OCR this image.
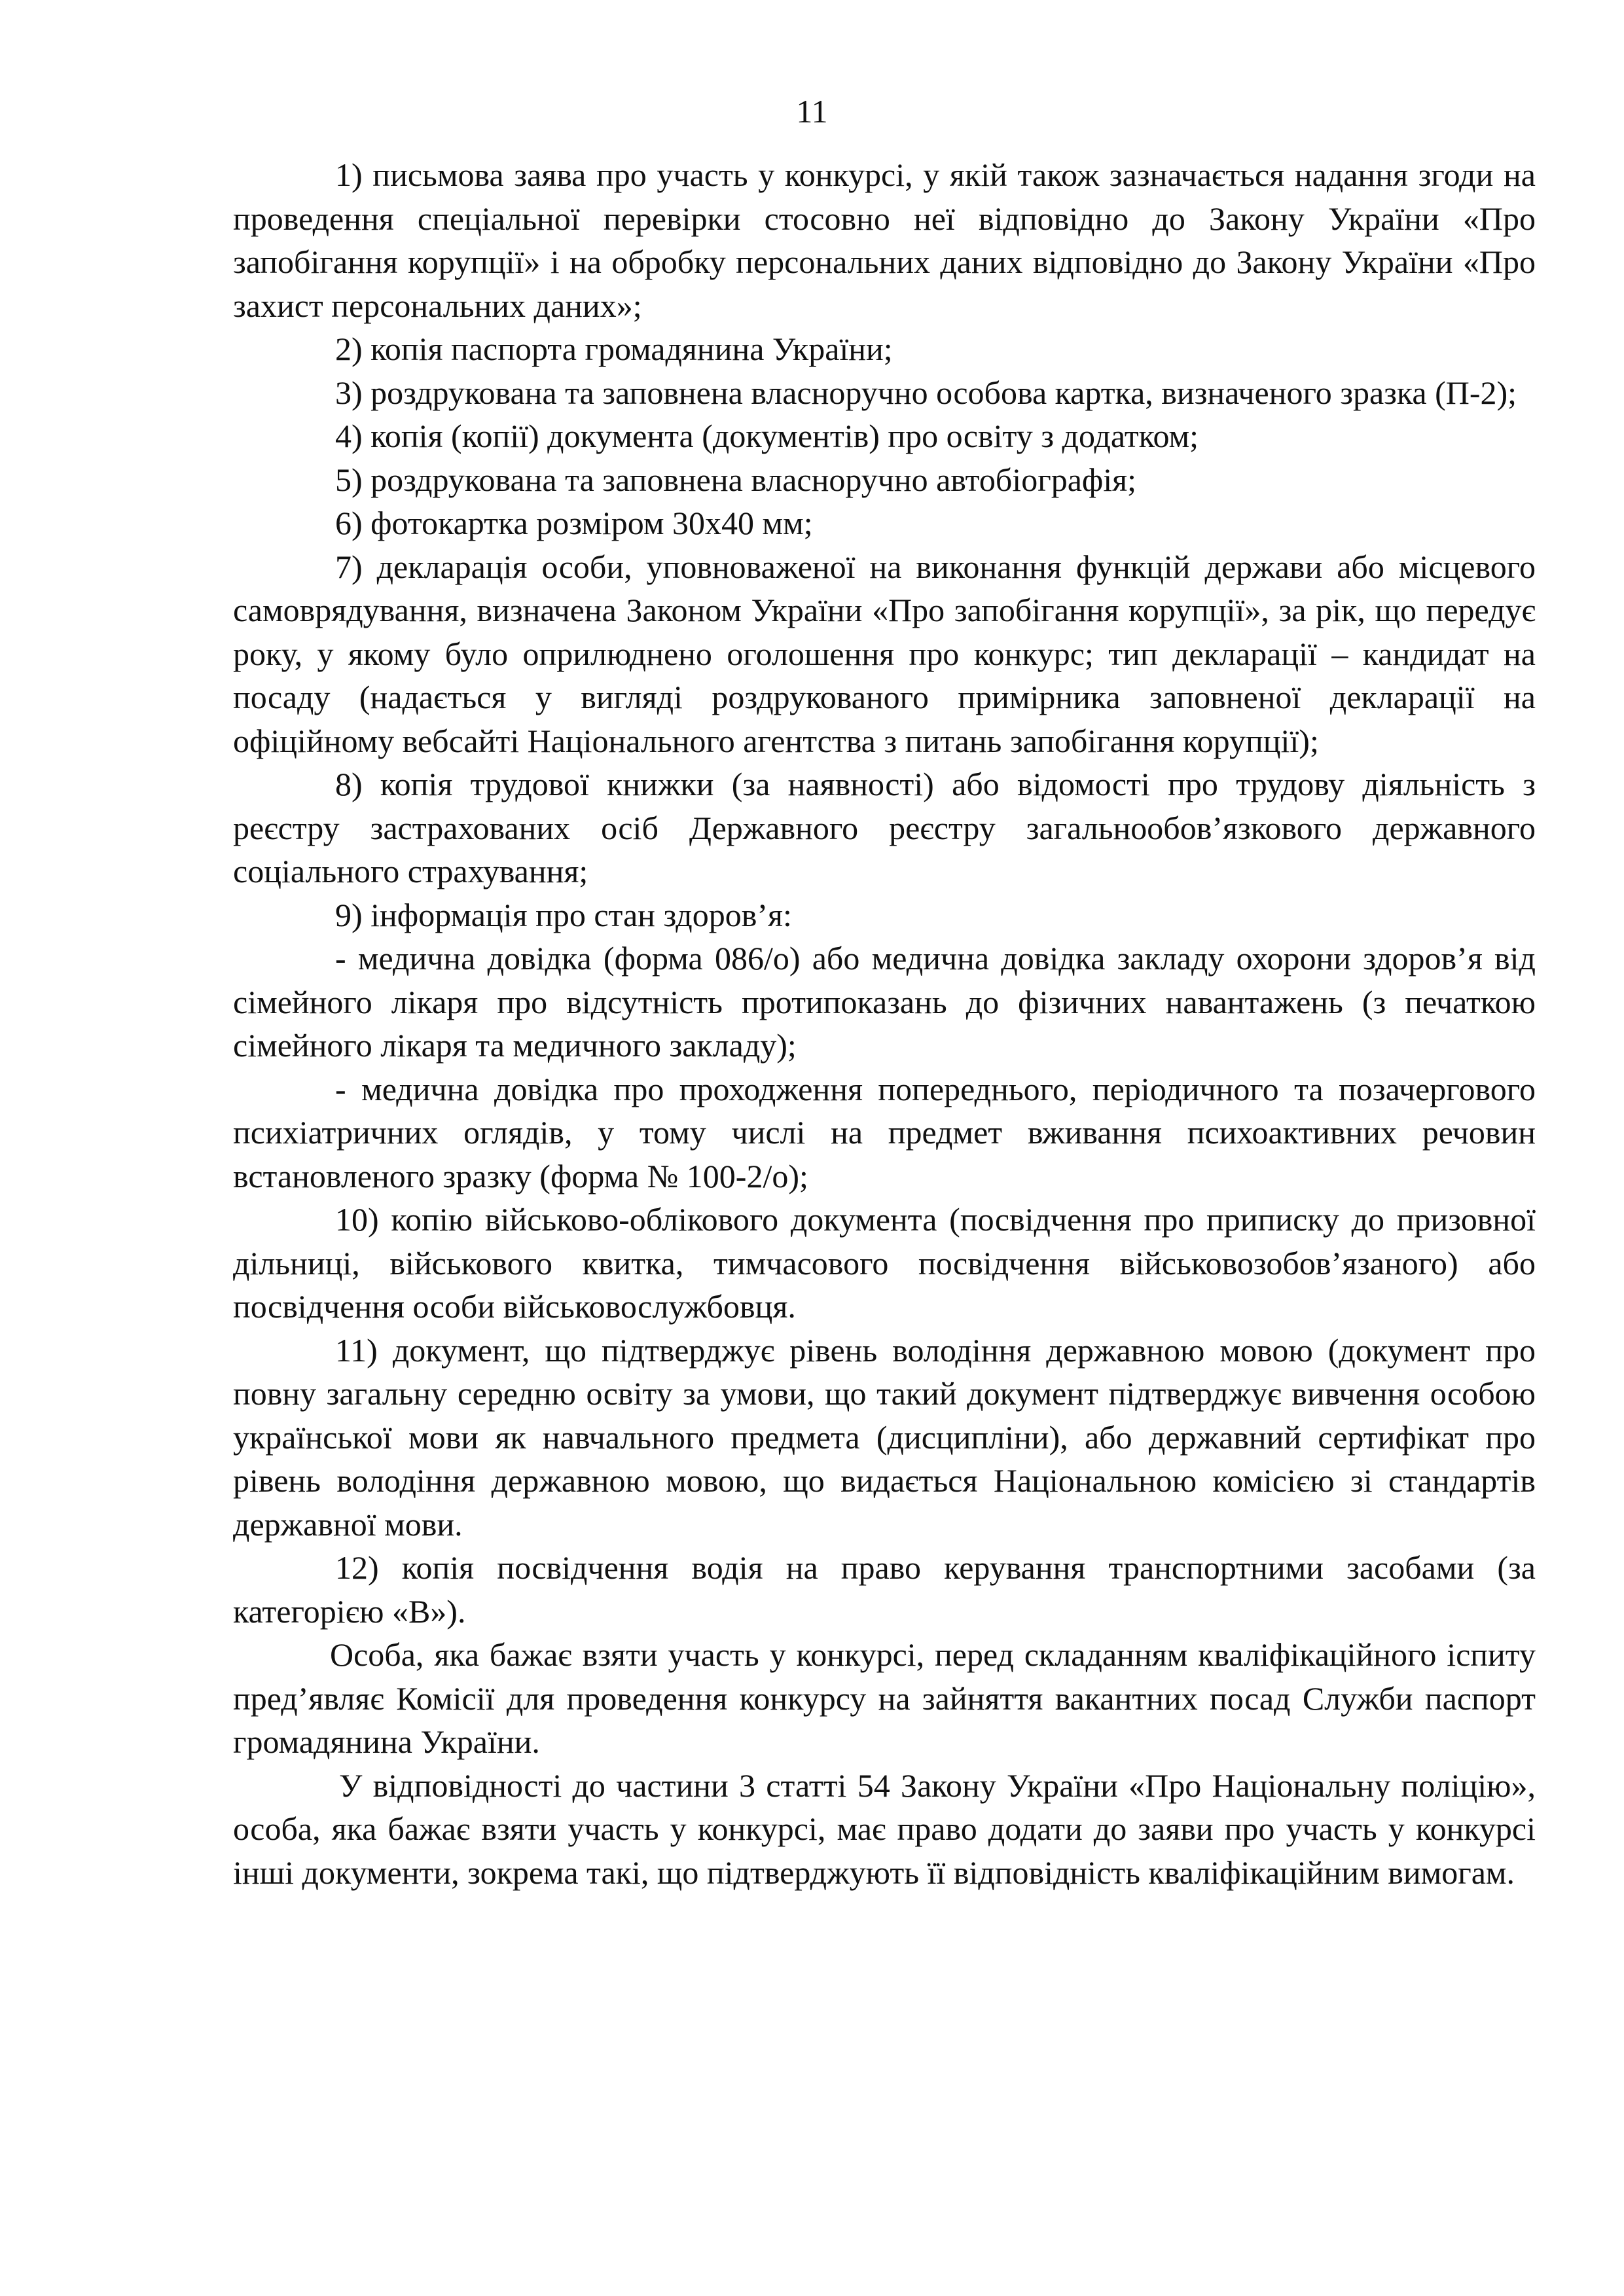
11

1) письмова заява про участь у конкурсі, у якій також зазначається надання згоди на проведення спеціальної перевірки стосовно неї відповідно до Закону України «Про запобігання корупції» і на обробку персональних даних відповідно до Закону України «Про захист персональних даних»;

2) копія паспорта громадянина України;

3) роздрукована та заповнена власноручно особова картка, визначеного зразка (П-2);

4) копія (копії) документа (документів) про освіту з додатком;

5) роздрукована та заповнена власноручно автобіографія;

6) фотокартка розміром 30х40 мм;

7) декларація особи, уповноваженої на виконання функцій держави або місцевого самоврядування, визначена Законом України «Про запобігання корупції», за рік, що передує року, у якому було оприлюднено оголошення про конкурс; тип декларації – кандидат на посаду (надається у вигляді роздрукованого примірника заповненої декларації на офіційному вебсайті Національного агентства з питань запобігання корупції);

8) копія трудової книжки (за наявності) або відомості про трудову діяльність з реєстру застрахованих осіб Державного реєстру загальнообов’язкового державного соціального страхування;

9) інформація про стан здоров’я:

- медична довідка (форма 086/о) або медична довідка закладу охорони здоров’я від сімейного лікаря про відсутність протипоказань до фізичних навантажень (з печаткою сімейного лікаря та медичного закладу);

- медична довідка про проходження попереднього, періодичного та позачергового психіатричних оглядів, у тому числі на предмет вживання психоактивних речовин встановленого зразку (форма № 100-2/о);

10) копію військово-облікового документа (посвідчення про приписку до призовної дільниці, військового квитка, тимчасового посвідчення військовозобов’язаного) або посвідчення особи військовослужбовця.

11) документ, що підтверджує рівень володіння державною мовою (документ про повну загальну середню освіту за умови, що такий документ підтверджує вивчення особою української мови як навчального предмета (дисципліни), або державний сертифікат про рівень володіння державною мовою, що видається Національною комісією зі стандартів державної мови.

12) копія посвідчення водія на право керування транспортними засобами (за категорією «В»).

Особа, яка бажає взяти участь у конкурсі, перед складанням кваліфікаційного іспиту пред’являє Комісії для проведення конкурсу на зайняття вакантних посад Служби паспорт громадянина України.

У відповідності до частини 3 статті 54 Закону України «Про Національну поліцію», особа, яка бажає взяти участь у конкурсі, має право додати до заяви про участь у конкурсі інші документи, зокрема такі, що підтверджують її відповідність кваліфікаційним вимогам.
